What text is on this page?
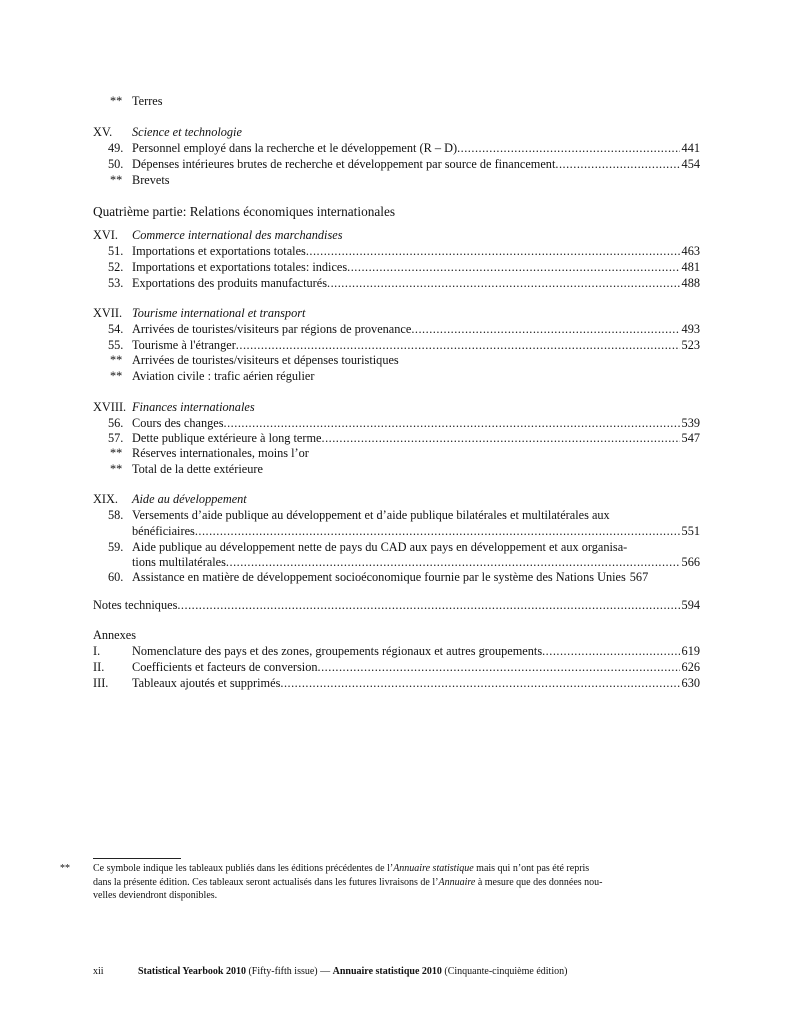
** Terres
XV. Science et technologie
49. Personnel employé dans la recherche et le développement (R – D) .....	441
50. Dépenses intérieures brutes de recherche et développement par source de financement .....	454
** Brevets
Quatrième partie: Relations économiques internationales
XVI. Commerce international des marchandises
51. Importations et exportations totales .....	463
52. Importations et exportations totales: indices .....	481
53. Exportations des produits manufacturés .....	488
XVII. Tourisme international et transport
54. Arrivées de touristes/visiteurs par régions de provenance .....	493
55. Tourisme à l'étranger .....	523
** Arrivées de touristes/visiteurs et dépenses touristiques
** Aviation civile : trafic aérien régulier
XVIII. Finances internationales
56. Cours des changes .....	539
57. Dette publique extérieure à long terme .....	547
** Réserves internationales, moins l’or
** Total de la dette extérieure
XIX. Aide au développement
58. Versements d’aide publique au développement et d’aide publique bilatérales et multilatérales aux
bénéficiaires .....	551
59. Aide publique au développement nette de pays du CAD aux pays en développement et aux organisa-
tions multilatérales .....	566
60. Assistance en matière de développement socioéconomique fournie par le système des Nations Unies 567
Notes techniques .....	594
Annexes
I.	Nomenclature des pays et des zones, groupements régionaux et autres groupements .....	619
II. Coefficients et facteurs de conversion .....	626
III. Tableaux ajoutés et supprimés .....	630
** Ce symbole indique les tableaux publiés dans les éditions précédentes de l’Annuaire statistique mais qui n’ont pas été repris
dans la présente édition. Ces tableaux seront actualisés dans les futures livraisons de l’Annuaire à mesure que des données nou-
velles deviendront disponibles.
xii	Statistical Yearbook 2010 (Fifty-fifth issue) — Annuaire statistique 2010 (Cinquante-cinquième édition)
